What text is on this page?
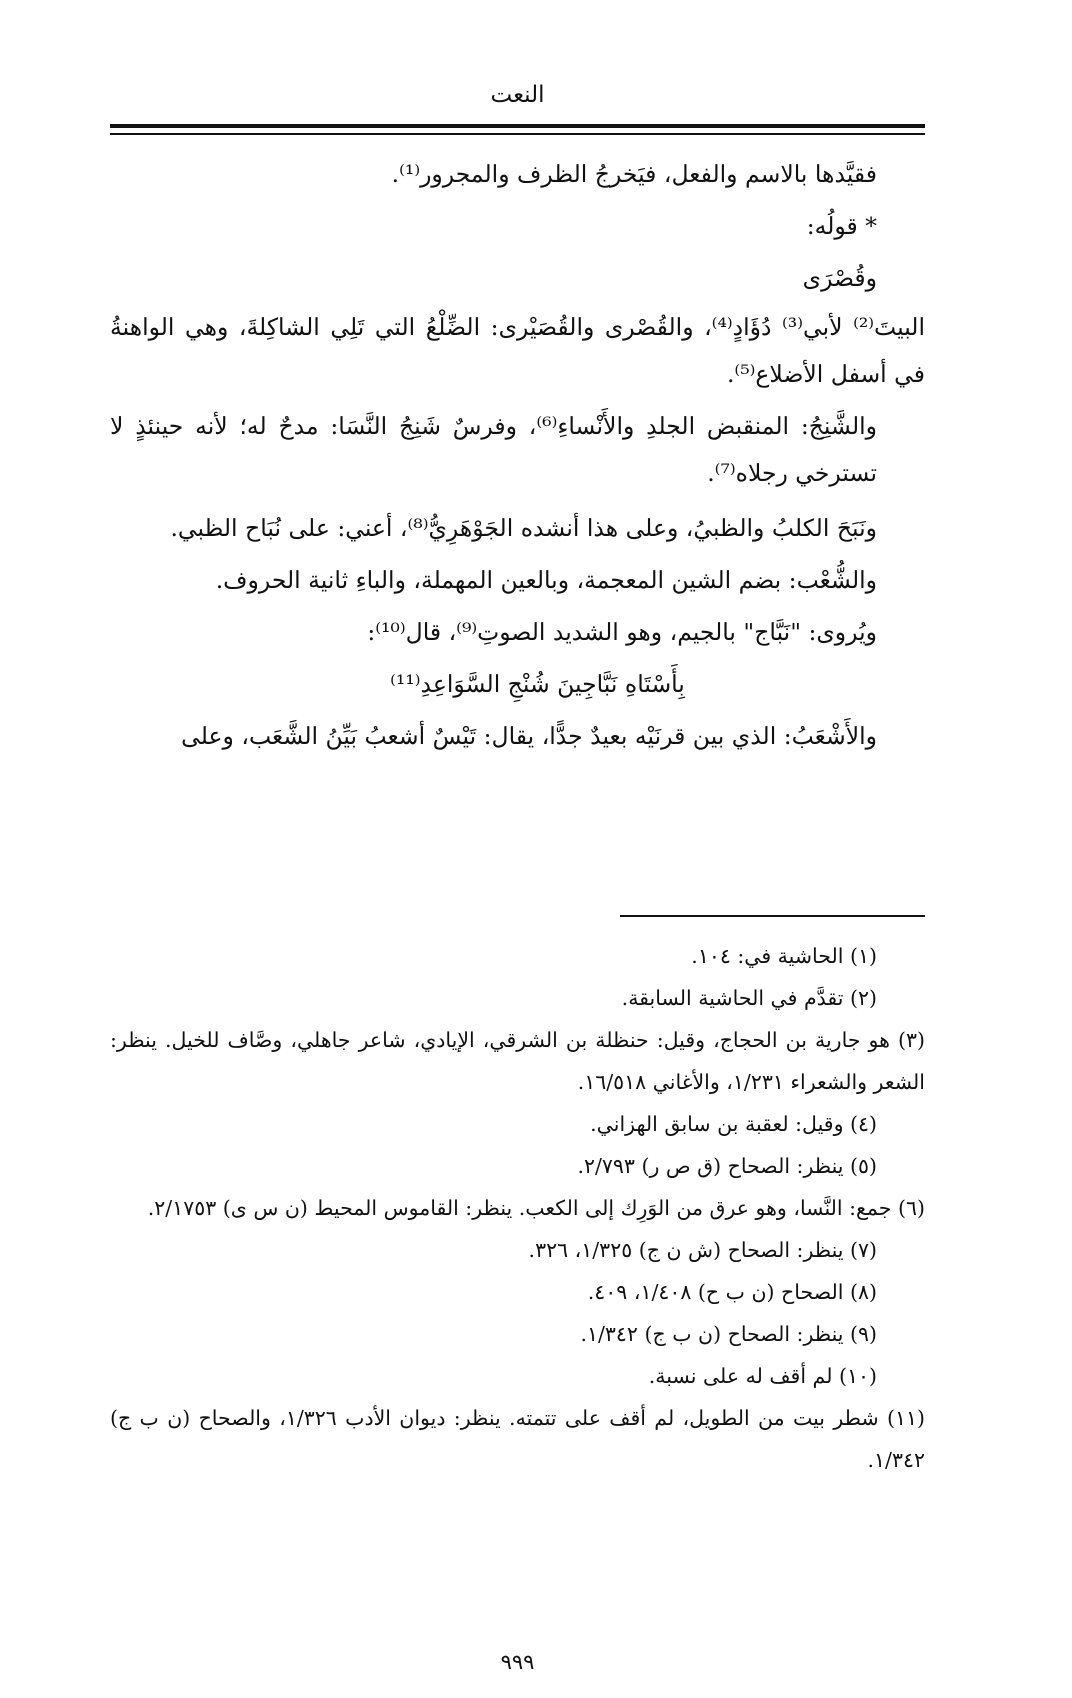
النعت

فقيَّدها بالاسم والفعل، فيَخرجُ الظرف والمجرور⁽¹⁾.

* قولُه:

وقُصْرَى

البيتَ⁽²⁾ لأبي⁽³⁾ دُؤَادٍ⁽⁴⁾، والقُصْرى والقُصَيْرى: الضِّلْعُ التي تَلِي الشاكِلةَ، وهي الواهنةُ في أسفل الأضلاع⁽⁵⁾.

والشَّنِجُ: المنقبض الجلدِ والأَنْساءِ⁽⁶⁾، وفرسٌ شَنِجُ النَّسَا: مدحٌ له؛ لأنه حينئذٍ لا تسترخي رجلاه⁽⁷⁾.

ونَبَحَ الكلبُ والظبيُ، وعلى هذا أنشده الجَوْهَرِيُّ⁽⁸⁾، أعني: على نُبَاح الظبي.

والشُّعْب: بضم الشين المعجمة، وبالعين المهملة، والباءِ ثانية الحروف.

ويُروى: "نَبَّاج" بالجيم، وهو الشديد الصوتِ⁽⁹⁾، قال⁽¹⁰⁾:

بِأَسْتَاهِ نَبَّاجِينَ شُنْجِ السَّوَاعِدِ⁽¹¹⁾

والأَشْعَبُ: الذي بين قرنَيْه بعيدٌ جدًّا، يقال: تَيْسٌ أشعبُ بَيِّنُ الشَّعَب، وعلى

(١) الحاشية في: ١٠٤.

(٢) تقدَّم في الحاشية السابقة.

(٣) هو جارية بن الحجاج، وقيل: حنظلة بن الشرقي، الإيادي، شاعر جاهلي، وصَّاف للخيل. ينظر: الشعر والشعراء ١/٢٣١، والأغاني ١٦/٥١٨.

(٤) وقيل: لعقبة بن سابق الهزاني.

(٥) ينظر: الصحاح (ق ص ر) ٢/٧٩٣.

(٦) جمع: النَّسا، وهو عرق من الوَرِك إلى الكعب. ينظر: القاموس المحيط (ن س ى) ٢/١٧٥٣.

(٧) ينظر: الصحاح (ش ن ج) ١/٣٢٥، ٣٢٦.

(٨) الصحاح (ن ب ح) ١/٤٠٨، ٤٠٩.

(٩) ينظر: الصحاح (ن ب ج) ١/٣٤٢.

(١٠) لم أقف له على نسبة.

(١١) شطر بيت من الطويل، لم أقف على تتمته. ينظر: ديوان الأدب ١/٣٢٦، والصحاح (ن ب ج) ١/٣٤٢.

٩٩٩
